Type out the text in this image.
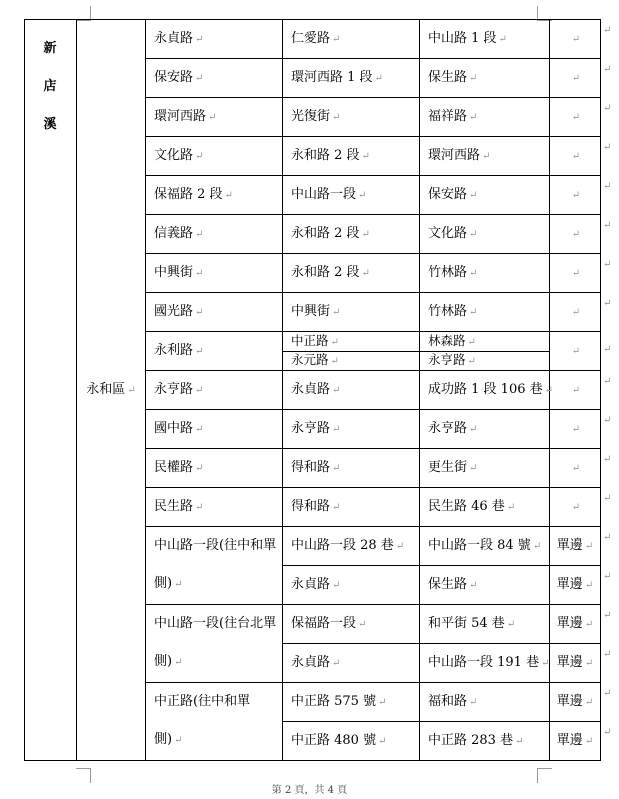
新
店
溪	永和區 ↵	永貞路 ↵	仁愛路 ↵	中山路 1 段 ↵	↵
		保安路 ↵	環河西路 1 段 ↵	保生路 ↵	↵
		環河西路 ↵	光復街 ↵	福祥路 ↵	↵
		文化路 ↵	永和路 2 段 ↵	環河西路 ↵	↵
		保福路 2 段 ↵	中山路一段 ↵	保安路 ↵	↵
		信義路 ↵	永和路 2 段 ↵	文化路 ↵	↵
		中興街 ↵	永和路 2 段 ↵	竹林路 ↵	↵
		國光路 ↵	中興街 ↵	竹林路 ↵	↵
		永利路 ↵	中正路 ↵	林森路 ↵	↵
			永元路 ↵	永亨路 ↵	
		永亨路 ↵	永貞路 ↵	成功路 1 段 106 巷 ↵	↵
		國中路 ↵	永亨路 ↵	永亨路 ↵	↵
		民權路 ↵	得和路 ↵	更生街 ↵	↵
		民生路 ↵	得和路 ↵	民生路 46 巷 ↵	↵
		中山路一段(往中和單側) ↵	中山路一段 28 巷 ↵	中山路一段 84 號 ↵	單邊 ↵
			永貞路 ↵	保生路 ↵	單邊 ↵
		中山路一段(往台北單側) ↵	保福路一段 ↵	和平街 54 巷 ↵	單邊 ↵
			永貞路 ↵	中山路一段 191 巷 ↵	單邊 ↵
		中正路(往中和單側) ↵	中正路 575 號 ↵	福和路 ↵	單邊 ↵
			中正路 480 號 ↵	中正路 283 巷 ↵	單邊 ↵
↵
↵
↵
↵
↵
↵
↵
↵
↵
↵
↵
↵
↵
↵
↵
↵
↵
↵
↵
第 2 頁，共 4 頁
